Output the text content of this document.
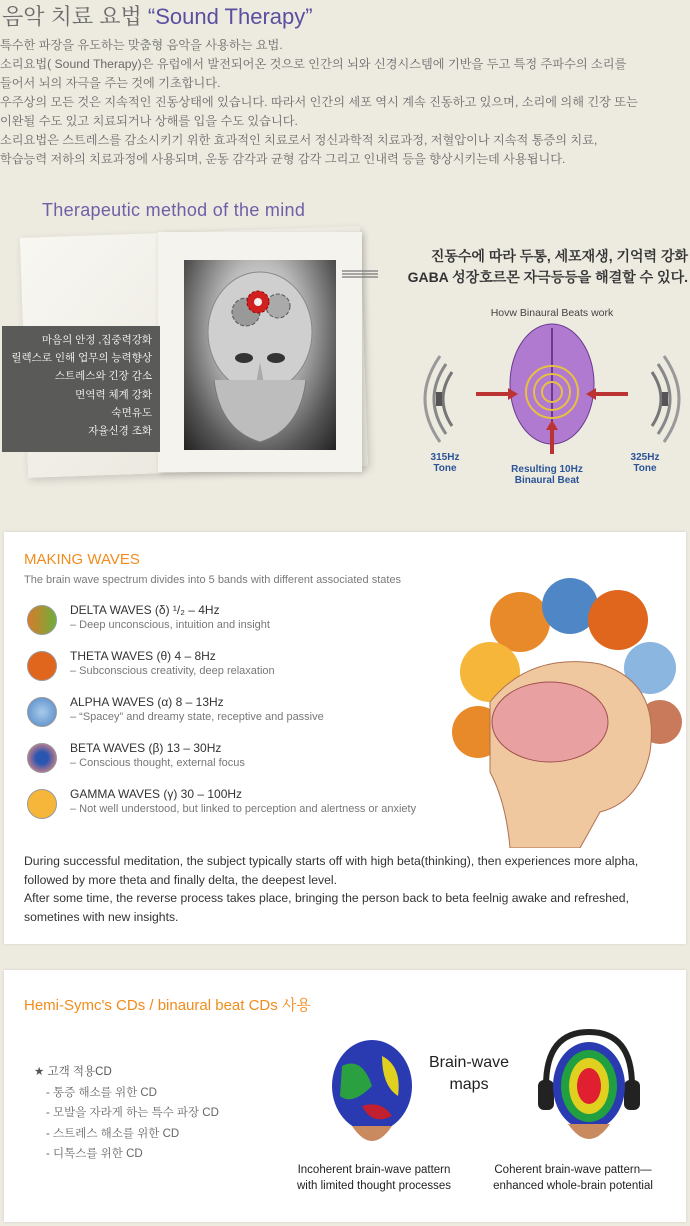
음악 치료 요법 “Sound Therapy”

특수한 파장을 유도하는 맞춤형 음악을 사용하는 요법.

소리요법( Sound Therapy)은 유럽에서 발전되어온 것으로 인간의 뇌와 신경시스템에 기반을 두고 특정 주파수의 소리를

들어서 뇌의 자극을 주는 것에 기초합니다.

우주상의 모든 것은 지속적인 진동상태에 있습니다. 따라서 인간의 세포 역시 계속 진동하고 있으며, 소리에 의해 긴장 또는

이완될 수도 있고 치료되거나 상해를 입을 수도 있습니다.

소리요법은 스트레스를 감소시키기 위한 효과적인 치료로서 정신과학적 치료과정, 저혈압이나 지속적 통증의 치료,

학습능력 저하의 치료과정에 사용되며, 운동 감각과 균형 감각 그리고 인내력 등을 향상시키는데 사용됩니다.

Therapeutic method of the mind
마음의 안정 ,집중력강화
릴렉스로 인해 업무의 능력향상
스트레스와 긴장 감소
면역력 체계 강화
숙면유도
자율신경 조화
진동수에 따라 두통, 세포재생, 기억력 강화
GABA 성장호르몬 자극등등을 해결할 수 있다.
Hovw Binaural Beats work
315Hz
Tone
325Hz
Tone
Resulting 10Hz
Binaural Beat
MAKING WAVES
The brain wave spectrum divides into 5 bands with different associated states
DELTA WAVES (δ) ¹/₂ – 4Hz
– Deep unconscious, intuition and insight
THETA WAVES (θ) 4 – 8Hz
– Subconscious creativity, deep relaxation
ALPHA WAVES (α) 8 – 13Hz
– “Spacey” and dreamy state, receptive and passive
BETA WAVES (β) 13 – 30Hz
– Conscious thought, external focus
GAMMA WAVES (γ) 30 – 100Hz
– Not well understood, but linked to perception and alertness or anxiety

During successful meditation, the subject typically starts off with high beta(thinking), then experiences more alpha, followed by more theta and finally delta, the deepest level.

After some time, the reverse process takes place, bringing the person back to beta feelnig awake and refreshed, sometines with new insights.

Hemi-Symc's CDs / binaural beat CDs 사용
★ 고객 적용CD
- 통증 해소를 위한 CD
- 모발을 자라게 하는 특수 파장 CD
- 스트레스 해소를 위한 CD
- 디톡스를 위한 CD
Brain-wave
maps
Incoherent brain-wave pattern
with limited thought processes
Coherent brain-wave pattern—
enhanced whole-brain potential
